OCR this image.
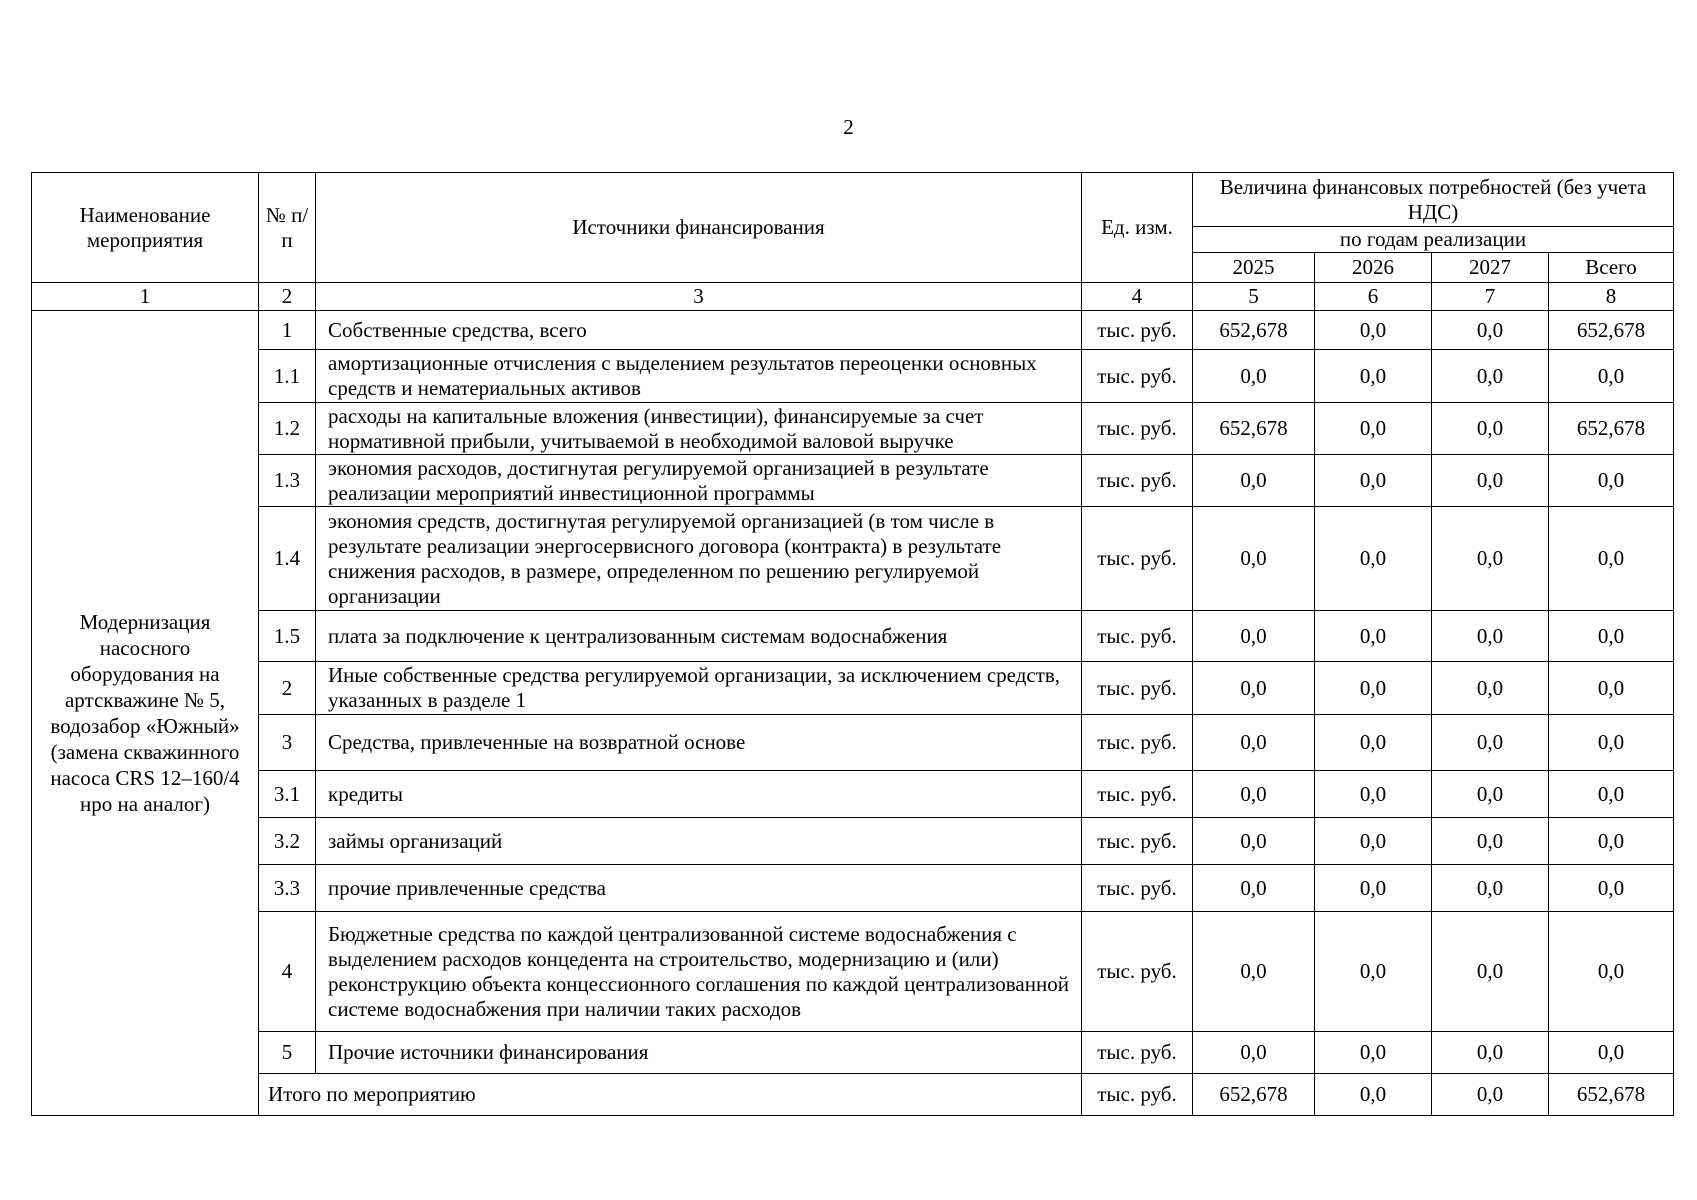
2
Наименование мероприятия	№ п/п	Источники финансирования	Ед. изм.	Величина финансовых потребностей (без учета НДС)			
				по годам реализации			
				2025	2026	2027	Всего
1	2	3	4	5	6	7	8
Модернизация насосного оборудования на артскважине № 5, водозабор «Южный» (замена скважинного насоса CRS 12–160/4 нро на аналог)	1	Собственные средства, всего	тыс. руб.	652,678	0,0	0,0	652,678
	1.1	амортизационные отчисления с выделением результатов переоценки основных средств и нематериальных активов	тыс. руб.	0,0	0,0	0,0	0,0
	1.2	расходы на капитальные вложения (инвестиции), финансируемые за счет нормативной прибыли, учитываемой в необходимой валовой выручке	тыс. руб.	652,678	0,0	0,0	652,678
	1.3	экономия расходов, достигнутая регулируемой организацией в результате реализации мероприятий инвестиционной программы	тыс. руб.	0,0	0,0	0,0	0,0
	1.4	экономия средств, достигнутая регулируемой организацией (в том числе в результате реализации энергосервисного договора (контракта) в результате снижения расходов, в размере, определенном по решению регулируемой организации	тыс. руб.	0,0	0,0	0,0	0,0
	1.5	плата за подключение к централизованным системам водоснабжения	тыс. руб.	0,0	0,0	0,0	0,0
	2	Иные собственные средства регулируемой организации, за исключением средств, указанных в разделе 1	тыс. руб.	0,0	0,0	0,0	0,0
	3	Средства, привлеченные на возвратной основе	тыс. руб.	0,0	0,0	0,0	0,0
	3.1	кредиты	тыс. руб.	0,0	0,0	0,0	0,0
	3.2	займы организаций	тыс. руб.	0,0	0,0	0,0	0,0
	3.3	прочие привлеченные средства	тыс. руб.	0,0	0,0	0,0	0,0
	4	Бюджетные средства по каждой централизованной системе водоснабжения с выделением расходов концедента на строительство, модернизацию и (или) реконструкцию объекта концессионного соглашения по каждой централизованной системе водоснабжения при наличии таких расходов	тыс. руб.	0,0	0,0	0,0	0,0
	5	Прочие источники финансирования	тыс. руб.	0,0	0,0	0,0	0,0
	Итого по мероприятию		тыс. руб.	652,678	0,0	0,0	652,678
